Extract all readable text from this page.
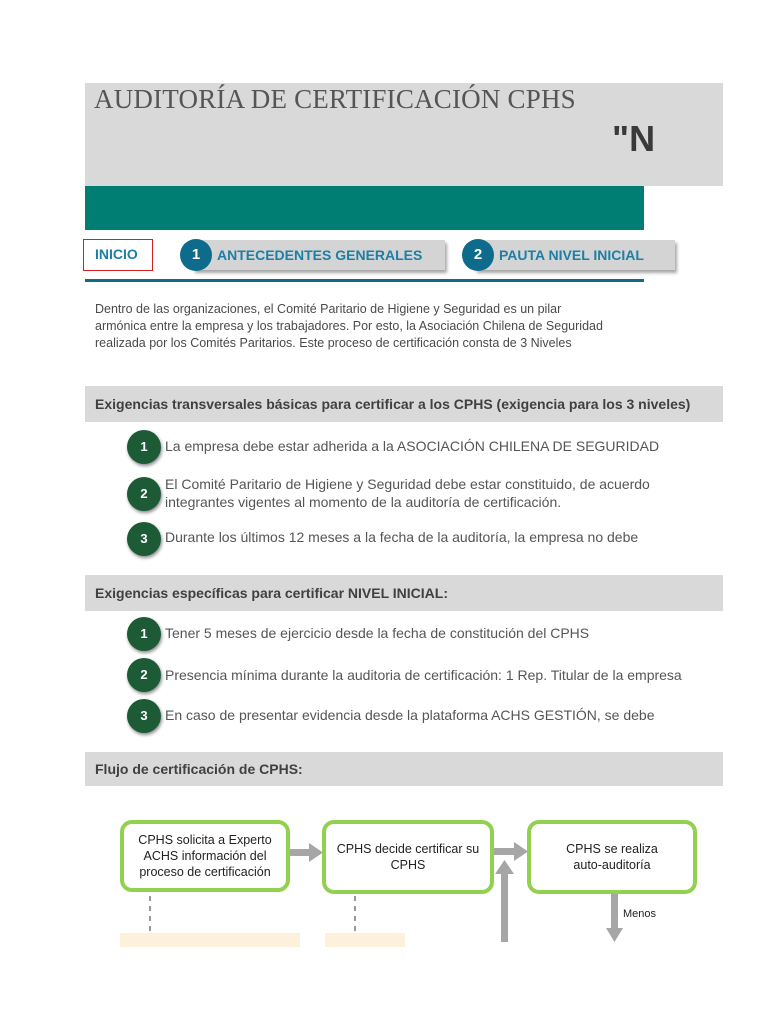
AUDITORÍA DE CERTIFICACIÓN CPHS
"N
INICIO	1	ANTECEDENTES GENERALES	2	PAUTA NIVEL INICIAL
Dentro de las organizaciones, el Comité Paritario de Higiene y Seguridad es un pilar
armónica entre la empresa y los trabajadores. Por esto, la Asociación Chilena de Seguridad
realizada por los Comités Paritarios. Este proceso de certificación consta de 3 Niveles
Exigencias transversales básicas para certificar a los CPHS (exigencia para los 3 niveles)
1	La empresa debe estar adherida a la ASOCIACIÓN CHILENA DE SEGURIDAD
2
El Comité Paritario de Higiene y Seguridad debe estar constituido, de acuerdo
integrantes vigentes al momento de la auditoría de certificación.
3	Durante los últimos 12 meses a la fecha de la auditoría, la empresa no debe
Exigencias específicas para certificar NIVEL INICIAL:
1	Tener 5 meses de ejercicio desde la fecha de constitución del CPHS
2	Presencia mínima durante la auditoria de certificación: 1 Rep. Titular de la empresa
3	En caso de presentar evidencia desde la plataforma ACHS GESTIÓN, se debe
Flujo de certificación de CPHS:
CPHS solicita a Experto ACHS información del proceso de certificación
CPHS decide certificar su CPHS
CPHS se realiza
auto-auditoría
Menos
